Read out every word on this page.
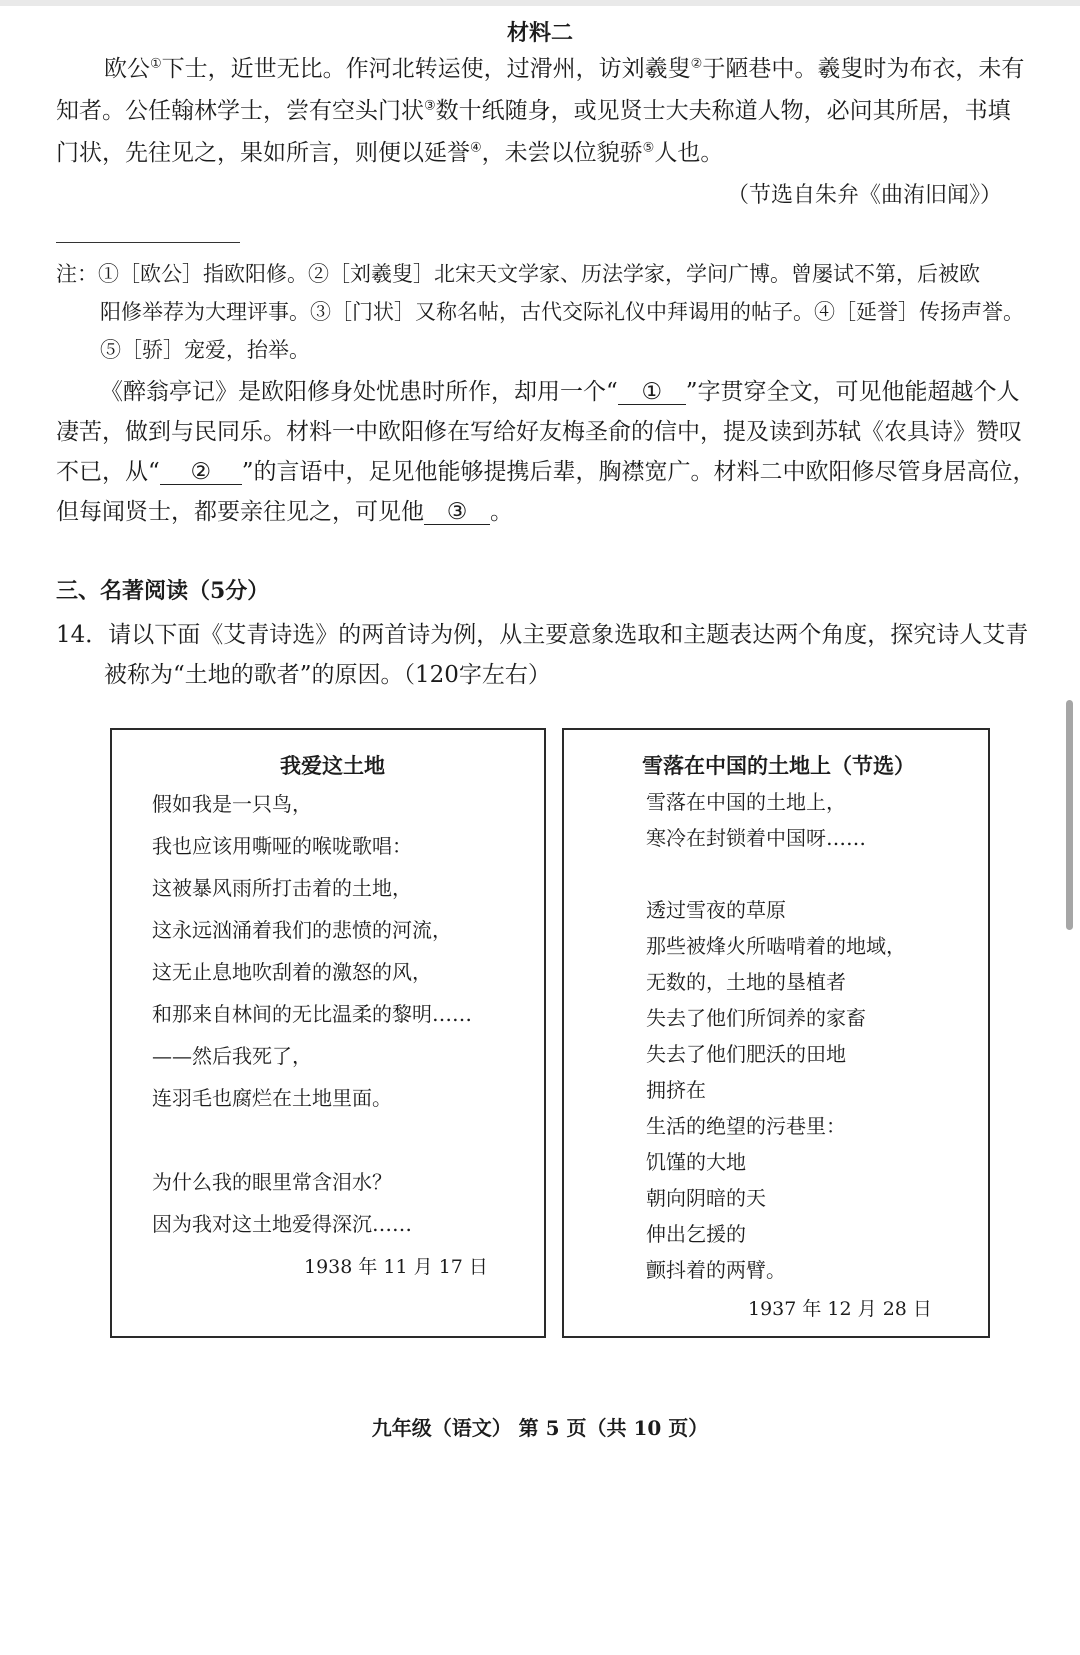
材料二
欧公①下士，近世无比。作河北转运使，过滑州，访刘羲叟②于陋巷中。羲叟时为布衣，未有
知者。公任翰林学士，尝有空头门状③数十纸随身，或见贤士大夫称道人物，必问其所居，书填
门状，先往见之，果如所言，则便以延誉④，未尝以位貌骄⑤人也。
（节选自朱弁《曲洧旧闻》）
注：①［欧公］指欧阳修。②［刘羲叟］北宋天文学家、历法学家，学问广博。曾屡试不第，后被欧
阳修举荐为大理评事。③［门状］又称名帖，古代交际礼仪中拜谒用的帖子。④［延誉］传扬声誉。
⑤［骄］宠爱，抬举。
《醉翁亭记》是欧阳修身处忧患时所作，却用一个“ ① ”字贯穿全文，可见他能超越个人
凄苦，做到与民同乐。材料一中欧阳修在写给好友梅圣俞的信中，提及读到苏轼《农具诗》赞叹
不已，从“ ② ”的言语中，足见他能够提携后辈，胸襟宽广。材料二中欧阳修尽管身居高位，
但每闻贤士，都要亲往见之，可见他 ③ 。
三、名著阅读（5分）
14．请以下面《艾青诗选》的两首诗为例，从主要意象选取和主题表达两个角度，探究诗人艾青
被称为“土地的歌者”的原因。（120字左右）
我爱这土地
假如我是一只鸟，
我也应该用嘶哑的喉咙歌唱：
这被暴风雨所打击着的土地，
这永远汹涌着我们的悲愤的河流，
这无止息地吹刮着的激怒的风，
和那来自林间的无比温柔的黎明……
——然后我死了，
连羽毛也腐烂在土地里面。
为什么我的眼里常含泪水？
因为我对这土地爱得深沉……
1938 年 11 月 17 日
雪落在中国的土地上（节选）
雪落在中国的土地上，
寒冷在封锁着中国呀……
透过雪夜的草原
那些被烽火所啮啃着的地域，
无数的，土地的垦植者
失去了他们所饲养的家畜
失去了他们肥沃的田地
拥挤在
生活的绝望的污巷里：
饥馑的大地
朝向阴暗的天
伸出乞援的
颤抖着的两臂。
1937 年 12 月 28 日
九年级（语文） 第 5 页（共 10 页）
